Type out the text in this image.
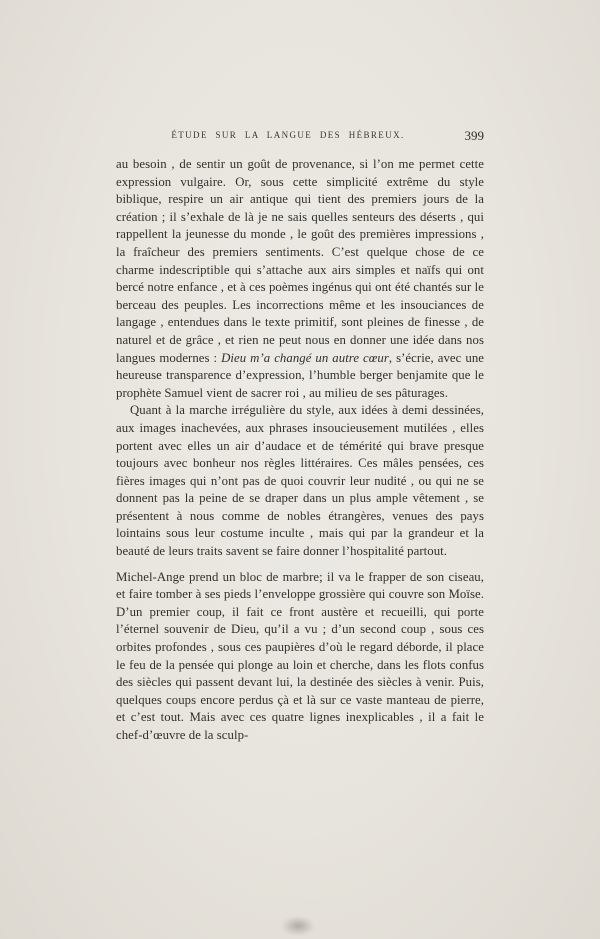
ÉTUDE SUR LA LANGUE DES HÉBREUX.	399

au besoin , de sentir un goût de provenance, si l’on me permet cette expression vulgaire. Or, sous cette simplicité extrême du style biblique, respire un air antique qui tient des premiers jours de la création ; il s’exhale de là je ne sais quelles senteurs des déserts , qui rappellent la jeunesse du monde , le goût des premières impressions , la fraîcheur des premiers sentiments. C’est quelque chose de ce charme indescriptible qui s’attache aux airs simples et naïfs qui ont bercé notre enfance , et à ces poèmes ingénus qui ont été chantés sur le berceau des peuples. Les incorrections même et les insouciances de langage , entendues dans le texte primitif, sont pleines de finesse , de naturel et de grâce , et rien ne peut nous en donner une idée dans nos langues modernes : Dieu m’a changé un autre cœur, s’écrie, avec une heureuse transparence d’expression, l’humble berger benjamite que le prophète Samuel vient de sacrer roi , au milieu de ses pâturages.

Quant à la marche irrégulière du style, aux idées à demi dessinées, aux images inachevées, aux phrases insoucieusement mutilées , elles portent avec elles un air d’audace et de témérité qui brave presque toujours avec bonheur nos règles littéraires. Ces mâles pensées, ces fières images qui n’ont pas de quoi couvrir leur nudité , ou qui ne se donnent pas la peine de se draper dans un plus ample vêtement , se présentent à nous comme de nobles étrangères, venues des pays lointains sous leur costume inculte , mais qui par la grandeur et la beauté de leurs traits savent se faire donner l’hospitalité partout.

Michel-Ange prend un bloc de marbre; il va le frapper de son ciseau, et faire tomber à ses pieds l’enveloppe grossière qui couvre son Moïse. D’un premier coup, il fait ce front austère et recueilli, qui porte l’éternel souvenir de Dieu, qu’il a vu ; d’un second coup , sous ces orbites profondes , sous ces paupières d’où le regard déborde, il place le feu de la pensée qui plonge au loin et cherche, dans les flots confus des siècles qui passent devant lui, la destinée des siècles à venir. Puis, quelques coups encore perdus çà et là sur ce vaste manteau de pierre, et c’est tout. Mais avec ces quatre lignes inexplicables , il a fait le chef-d’œuvre de la sculp-
